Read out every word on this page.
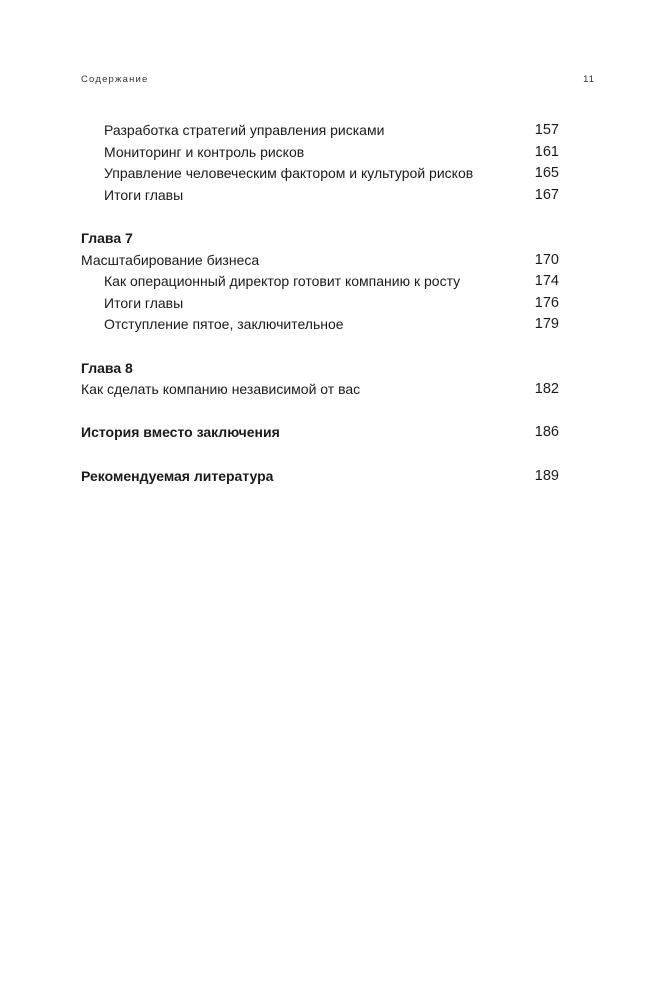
Содержание	11
Разработка стратегий управления рисками	157
Мониторинг и контроль рисков	161
Управление человеческим фактором и культурой рисков	165
Итоги главы	167
Глава 7
Масштабирование бизнеса	170
Как операционный директор готовит компанию к росту	174
Итоги главы	176
Отступление пятое, заключительное	179
Глава 8
Как сделать компанию независимой от вас	182
История вместо заключения	186
Рекомендуемая литература	189
